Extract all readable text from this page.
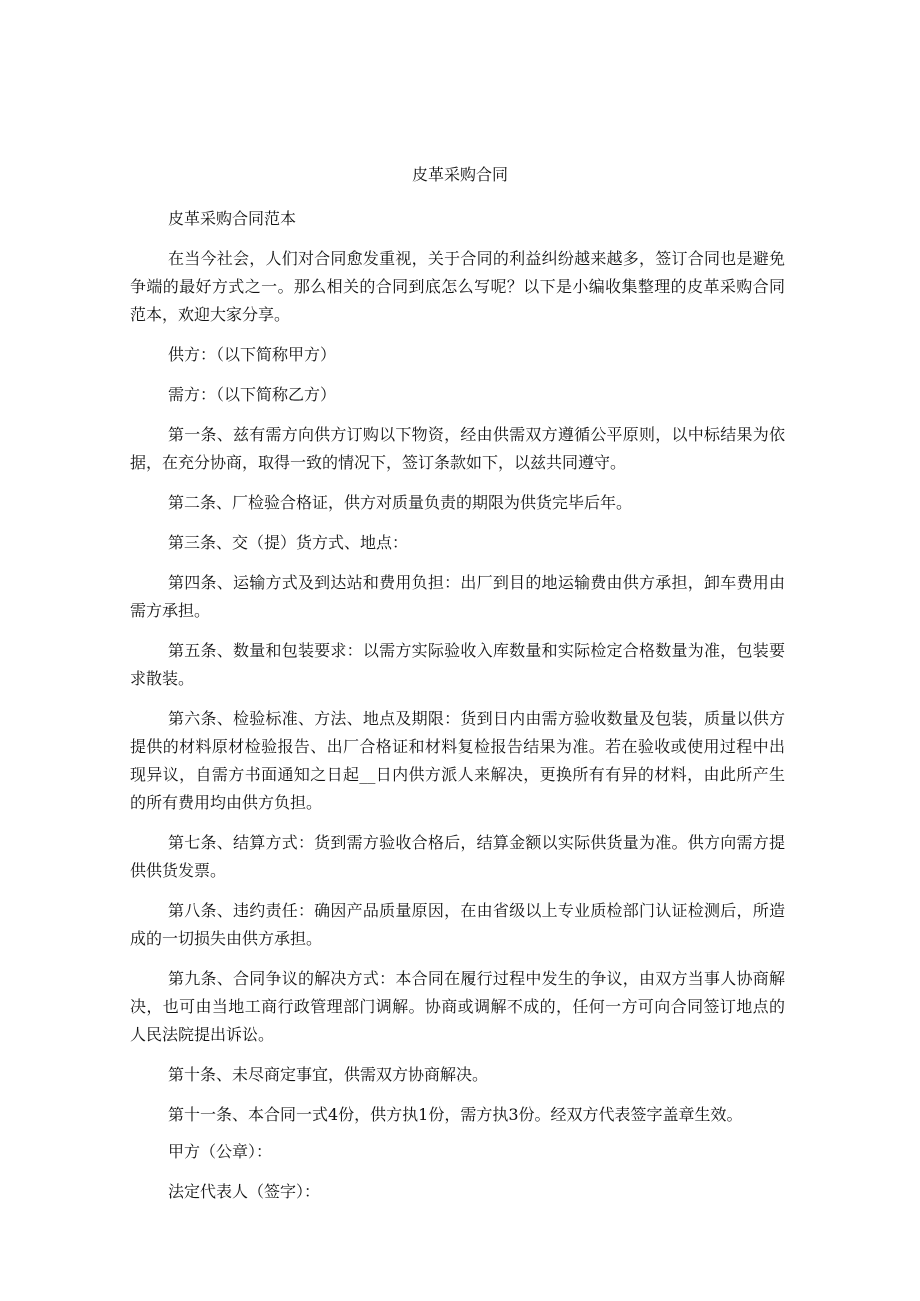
皮革采购合同

皮革采购合同范本

在当今社会，人们对合同愈发重视，关于合同的利益纠纷越来越多，签订合同也是避免争端的最好方式之一。那么相关的合同到底怎么写呢？以下是小编收集整理的皮革采购合同范本，欢迎大家分享。

供方：（以下简称甲方）

需方：（以下简称乙方）

第一条、兹有需方向供方订购以下物资，经由供需双方遵循公平原则，以中标结果为依据，在充分协商，取得一致的情况下，签订条款如下，以兹共同遵守。

第二条、厂检验合格证，供方对质量负责的期限为供货完毕后年。

第三条、交（提）货方式、地点：

第四条、运输方式及到达站和费用负担：出厂到目的地运输费由供方承担，卸车费用由需方承担。

第五条、数量和包装要求：以需方实际验收入库数量和实际检定合格数量为准，包装要求散装。

第六条、检验标准、方法、地点及期限：货到日内由需方验收数量及包装，质量以供方提供的材料原材检验报告、出厂合格证和材料复检报告结果为准。若在验收或使用过程中出现异议，自需方书面通知之日起__日内供方派人来解决，更换所有有异的材料，由此所产生的所有费用均由供方负担。

第七条、结算方式：货到需方验收合格后，结算金额以实际供货量为准。供方向需方提供供货发票。

第八条、违约责任：确因产品质量原因，在由省级以上专业质检部门认证检测后，所造成的一切损失由供方承担。

第九条、合同争议的解决方式：本合同在履行过程中发生的争议，由双方当事人协商解决，也可由当地工商行政管理部门调解。协商或调解不成的，任何一方可向合同签订地点的人民法院提出诉讼。

第十条、未尽商定事宜，供需双方协商解决。

第十一条、本合同一式4份，供方执1份，需方执3份。经双方代表签字盖章生效。

甲方（公章）：

法定代表人（签字）：
